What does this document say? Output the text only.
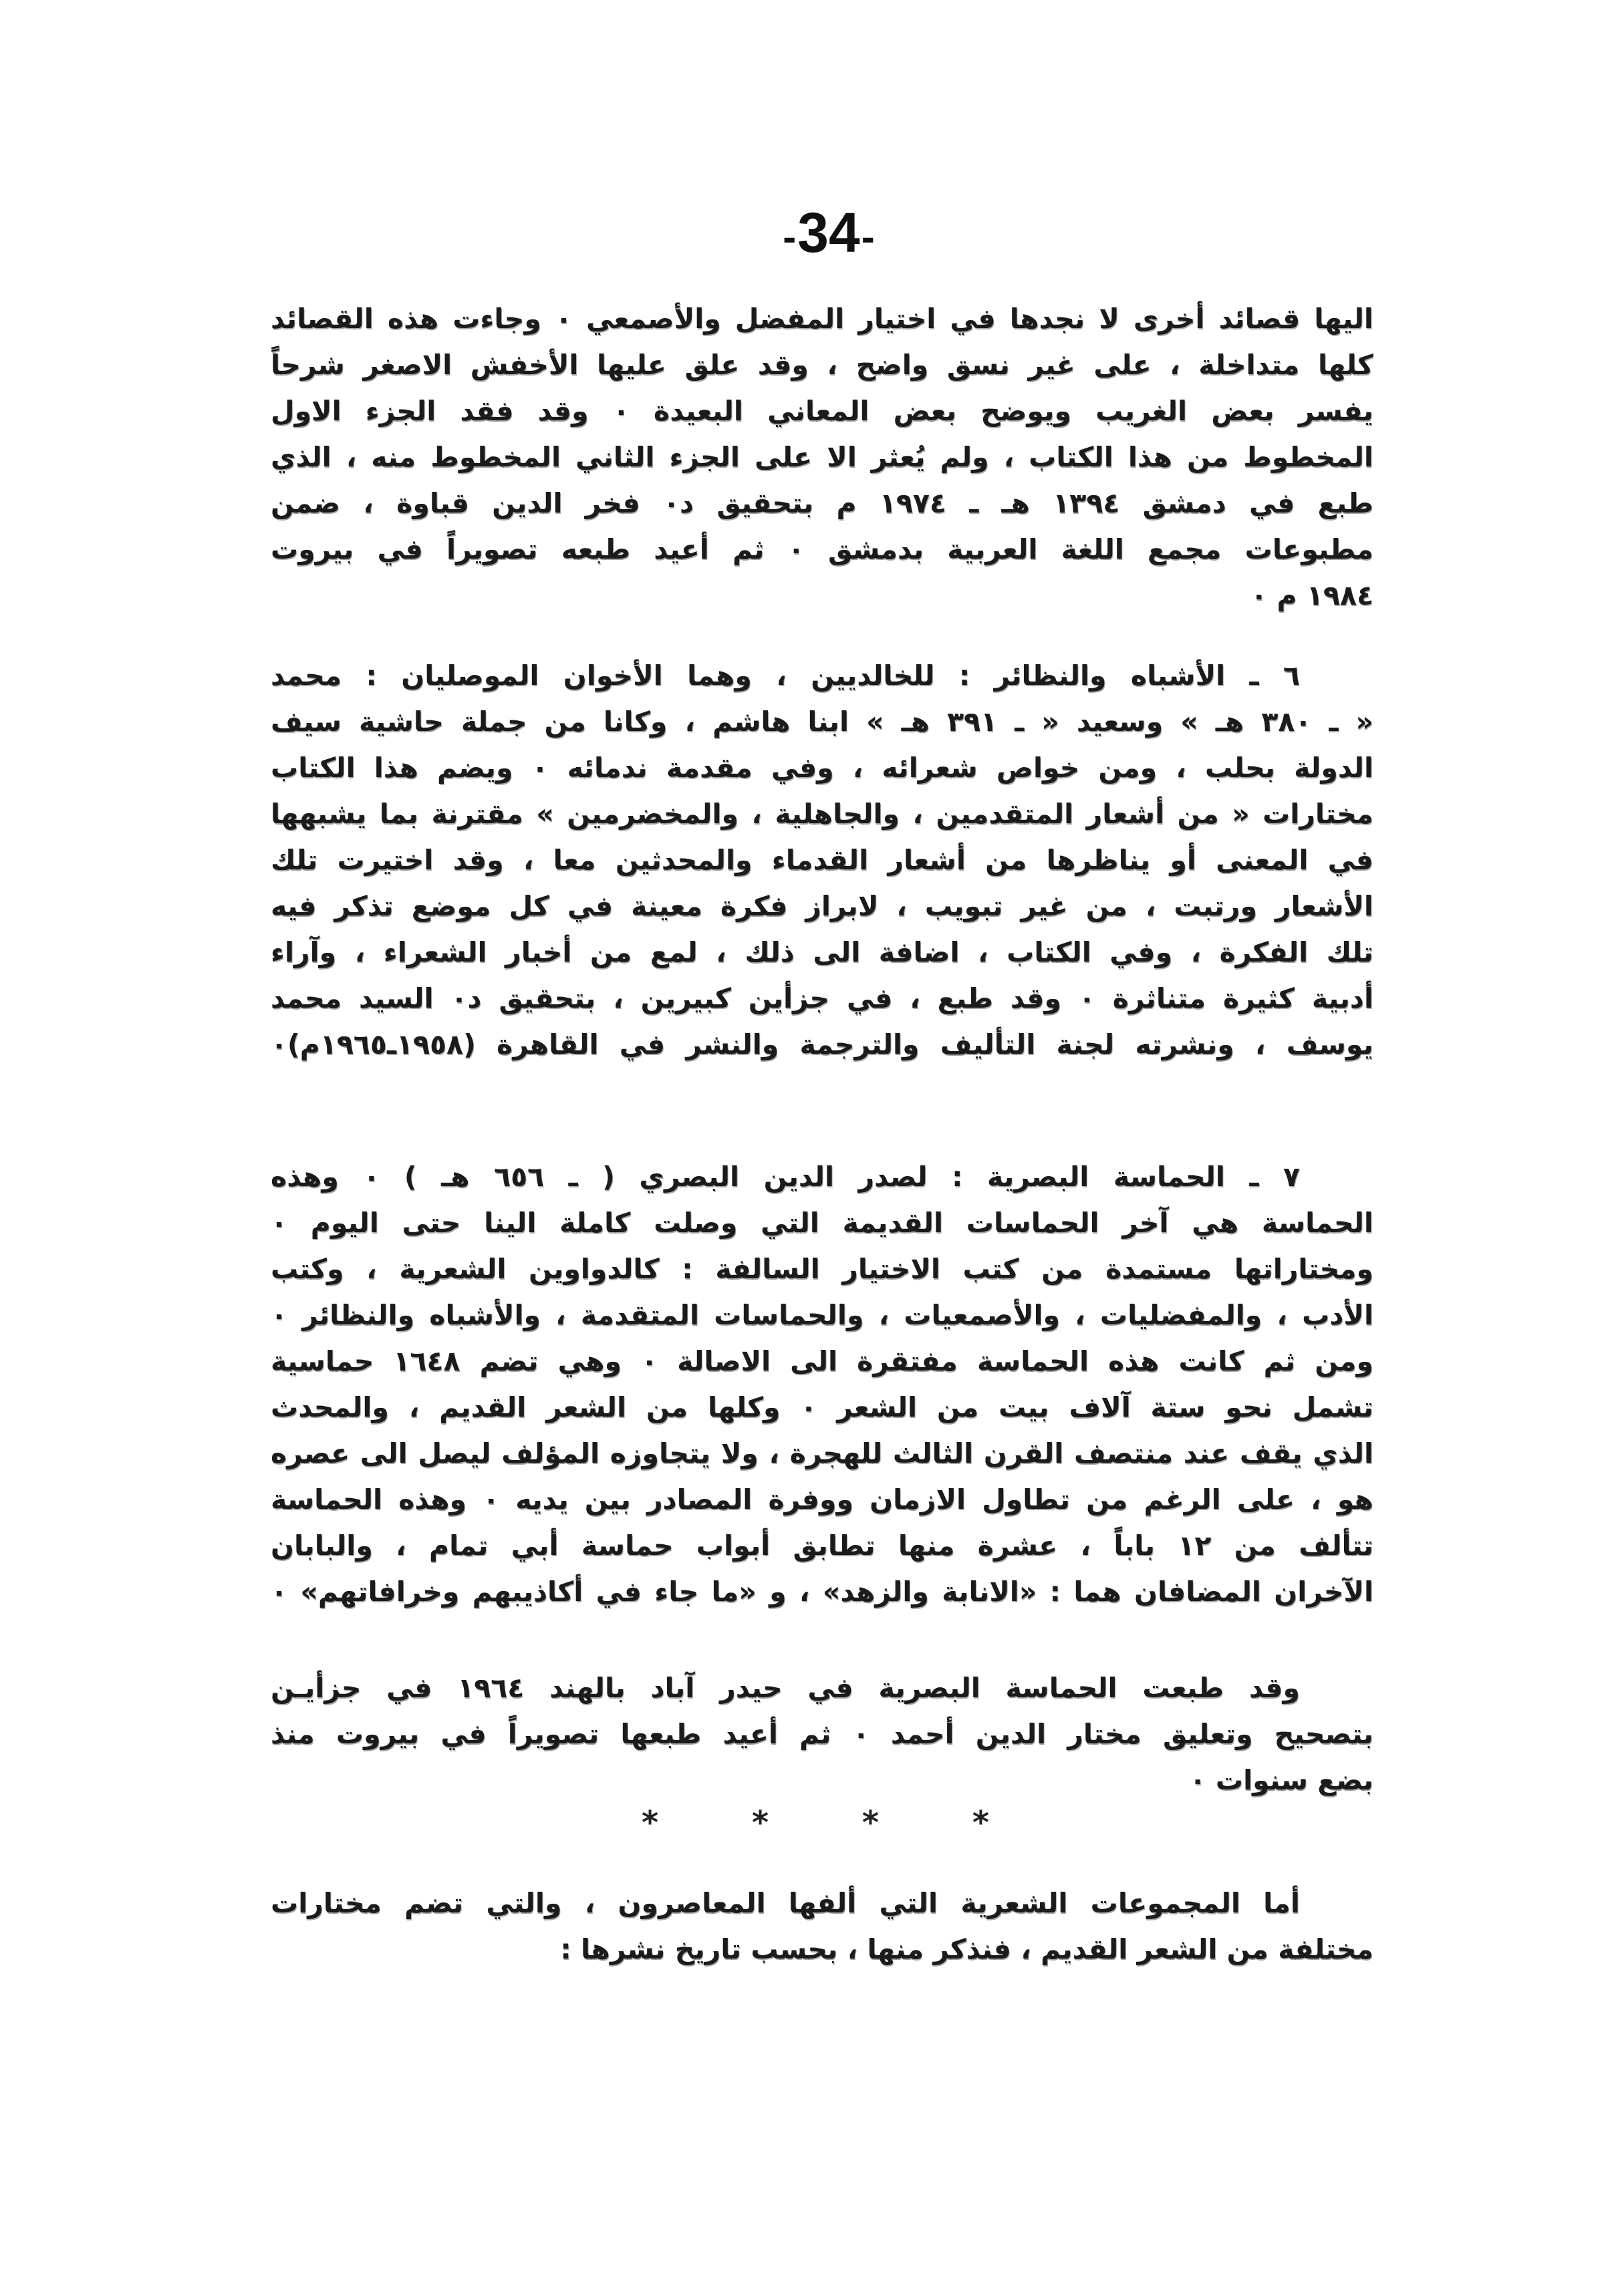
-34-
اليها قصائد أخرى لا نجدها في اختيار المفضل والأصمعي ۰ وجاءت هذه القصائد
كلها متداخلة ، على غير نسق واضح ، وقد علق عليها الأخفش الاصغر شرحاً
يفسر بعض الغريب ويوضح بعض المعاني البعيدة ۰ وقد فقد الجزء الاول
المخطوط من هذا الكتاب ، ولم يُعثر الا على الجزء الثاني المخطوط منه ، الذي
طبع في دمشق ١٣٩٤ هـ ـ ١٩٧٤ م بتحقيق د۰ فخر الدين قباوة ، ضمن
مطبوعات مجمع اللغة العربية بدمشق ۰ ثم أعيد طبعه تصويراً في بيروت
١٩٨٤ م ۰
٦ ـ الأشباه والنظائر : للخالديين ، وهما الأخوان الموصليان : محمد
« ـ ٣٨٠ هـ » وسعيد « ـ ٣٩١ هـ » ابنا هاشم ، وكانا من جملة حاشية سيف
الدولة بحلب ، ومن خواص شعرائه ، وفي مقدمة ندمائه ۰ ويضم هذا الكتاب
مختارات « من أشعار المتقدمين ، والجاهلية ، والمخضرمين » مقترنة بما يشبهها
في المعنى أو يناظرها من أشعار القدماء والمحدثين معا ، وقد اختيرت تلك
الأشعار ورتبت ، من غير تبويب ، لابراز فكرة معينة في كل موضع تذكر فيه
تلك الفكرة ، وفي الكتاب ، اضافة الى ذلك ، لمع من أخبار الشعراء ، وآراء
أدبية كثيرة متناثرة ۰ وقد طبع ، في جزأين كبيرين ، بتحقيق د۰ السيد محمد
يوسف ، ونشرته لجنة التأليف والترجمة والنشر في القاهرة (١٩٥٨ـ١٩٦٥م)۰
٧ ـ الحماسة البصرية : لصدر الدين البصري ( ـ ٦٥٦ هـ ) ۰ وهذه
الحماسة هي آخر الحماسات القديمة التي وصلت كاملة الينا حتى اليوم ۰
ومختاراتها مستمدة من كتب الاختيار السالفة : كالدواوين الشعرية ، وكتب
الأدب ، والمفضليات ، والأصمعيات ، والحماسات المتقدمة ، والأشباه والنظائر ۰
ومن ثم كانت هذه الحماسة مفتقرة الى الاصالة ۰ وهي تضم ١٦٤٨ حماسية
تشمل نحو ستة آلاف بيت من الشعر ۰ وكلها من الشعر القديم ، والمحدث
الذي يقف عند منتصف القرن الثالث للهجرة ، ولا يتجاوزه المؤلف ليصل الى عصره
هو ، على الرغم من تطاول الازمان ووفرة المصادر بين يديه ۰ وهذه الحماسة
تتألف من ١٢ باباً ، عشرة منها تطابق أبواب حماسة أبي تمام ، والبابان
الآخران المضافان هما : «الانابة والزهد» ، و «ما جاء في أكاذيبهم وخرافاتهم» ۰
وقد طبعت الحماسة البصرية في حيدر آباد بالهند ١٩٦٤ في جزأيـن
بتصحيح وتعليق مختار الدين أحمد ۰ ثم أعيد طبعها تصويراً في بيروت منذ
بضع سنوات ۰
*	*	*	*
أما المجموعات الشعرية التي ألفها المعاصرون ، والتي تضم مختارات
مختلفة من الشعر القديم ، فنذكر منها ، بحسب تاريخ نشرها :
